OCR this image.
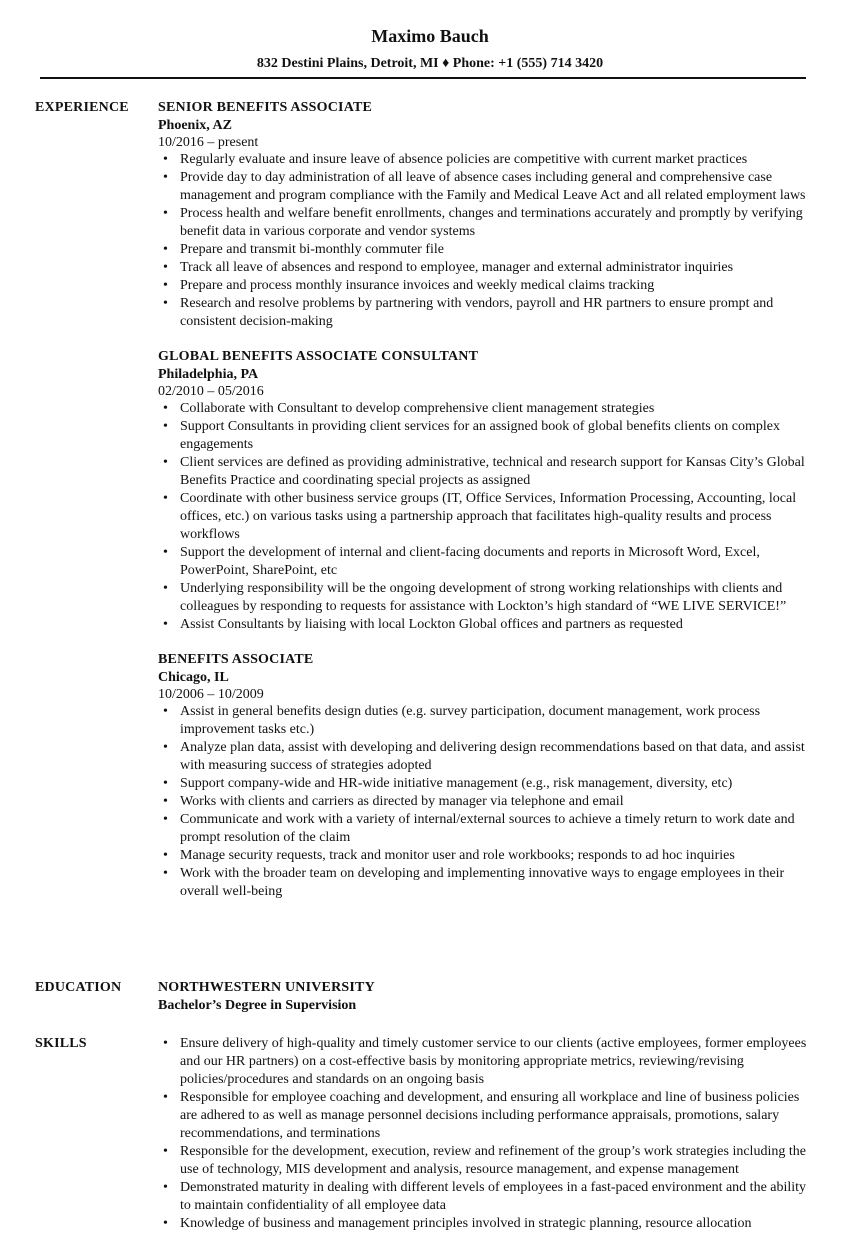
Maximo Bauch
832 Destini Plains, Detroit, MI ♦ Phone: +1 (555) 714 3420
EXPERIENCE SENIOR BENEFITS ASSOCIATE
Phoenix, AZ
10/2016 – present
• Regularly evaluate and insure leave of absence policies are competitive with current market practices
• Provide day to day administration of all leave of absence cases including general and comprehensive case management and program compliance with the Family and Medical Leave Act and all related employment laws
• Process health and welfare benefit enrollments, changes and terminations accurately and promptly by verifying benefit data in various corporate and vendor systems
• Prepare and transmit bi-monthly commuter file
• Track all leave of absences and respond to employee, manager and external administrator inquiries
• Prepare and process monthly insurance invoices and weekly medical claims tracking
• Research and resolve problems by partnering with vendors, payroll and HR partners to ensure prompt and consistent decision-making
GLOBAL BENEFITS ASSOCIATE CONSULTANT
Philadelphia, PA
02/2010 – 05/2016
• Collaborate with Consultant to develop comprehensive client management strategies
• Support Consultants in providing client services for an assigned book of global benefits clients on complex engagements
• Client services are defined as providing administrative, technical and research support for Kansas City’s Global Benefits Practice and coordinating special projects as assigned
• Coordinate with other business service groups (IT, Office Services, Information Processing, Accounting, local offices, etc.) on various tasks using a partnership approach that facilitates high-quality results and process workflows
• Support the development of internal and client-facing documents and reports in Microsoft Word, Excel, PowerPoint, SharePoint, etc
• Underlying responsibility will be the ongoing development of strong working relationships with clients and colleagues by responding to requests for assistance with Lockton’s high standard of “WE LIVE SERVICE!”
• Assist Consultants by liaising with local Lockton Global offices and partners as requested
BENEFITS ASSOCIATE
Chicago, IL
10/2006 – 10/2009
• Assist in general benefits design duties (e.g. survey participation, document management, work process improvement tasks etc.)
• Analyze plan data, assist with developing and delivering design recommendations based on that data, and assist with measuring success of strategies adopted
• Support company-wide and HR-wide initiative management (e.g., risk management, diversity, etc)
• Works with clients and carriers as directed by manager via telephone and email
• Communicate and work with a variety of internal/external sources to achieve a timely return to work date and prompt resolution of the claim
• Manage security requests, track and monitor user and role workbooks; responds to ad hoc inquiries
• Work with the broader team on developing and implementing innovative ways to engage employees in their overall well-being
EDUCATION	NORTHWESTERN UNIVERSITY
Bachelor’s Degree in Supervision
SKILLS
•	Ensure delivery of high-quality and timely customer service to our clients (active employees, former employees and our HR partners) on a cost-effective basis by monitoring appropriate metrics, reviewing/revising policies/procedures and standards on an ongoing basis
• Responsible for employee coaching and development, and ensuring all workplace and line of business policies are adhered to as well as manage personnel decisions including performance appraisals, promotions, salary recommendations, and terminations
• Responsible for the development, execution, review and refinement of the group’s work strategies including the use of technology, MIS development and analysis, resource management, and expense management
• Demonstrated maturity in dealing with different levels of employees in a fast-paced environment and the ability to maintain confidentiality of all employee data
• Knowledge of business and management principles involved in strategic planning, resource allocation
